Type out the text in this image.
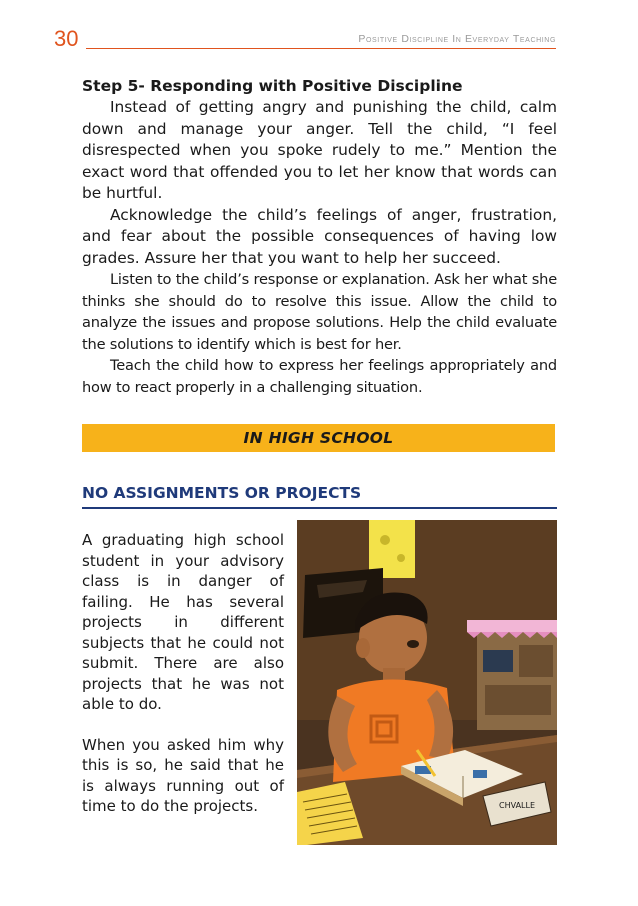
30	Positive Discipline In Everyday Teaching

Step 5- Responding with Positive Discipline

Instead of getting angry and punishing the child, calm down and manage your anger. Tell the child, “I feel disrespected when you spoke rudely to me.” Mention the exact word that offended you to let her know that words can be hurtful.

Acknowledge the child’s feelings of anger, frustration, and fear about the possible consequences of having low grades. Assure her that you want to help her succeed.

Listen to the child’s response or explanation. Ask her what she thinks she should do to resolve this issue. Allow the child to analyze the issues and propose solutions. Help the child evaluate the solutions to identify which is best for her.

Teach the child how to express her feelings appropriately and how to react properly in a challenging situation.

IN HIGH SCHOOL
NO ASSIGNMENTS OR PROJECTS

A graduating high school student in your advisory class is in danger of failing. He has several projects in different subjects that he could not submit. There are also projects that he was not able to do.

When you asked him why this is so, he said that he is always running out of time to do the projects.	CHVALLE
